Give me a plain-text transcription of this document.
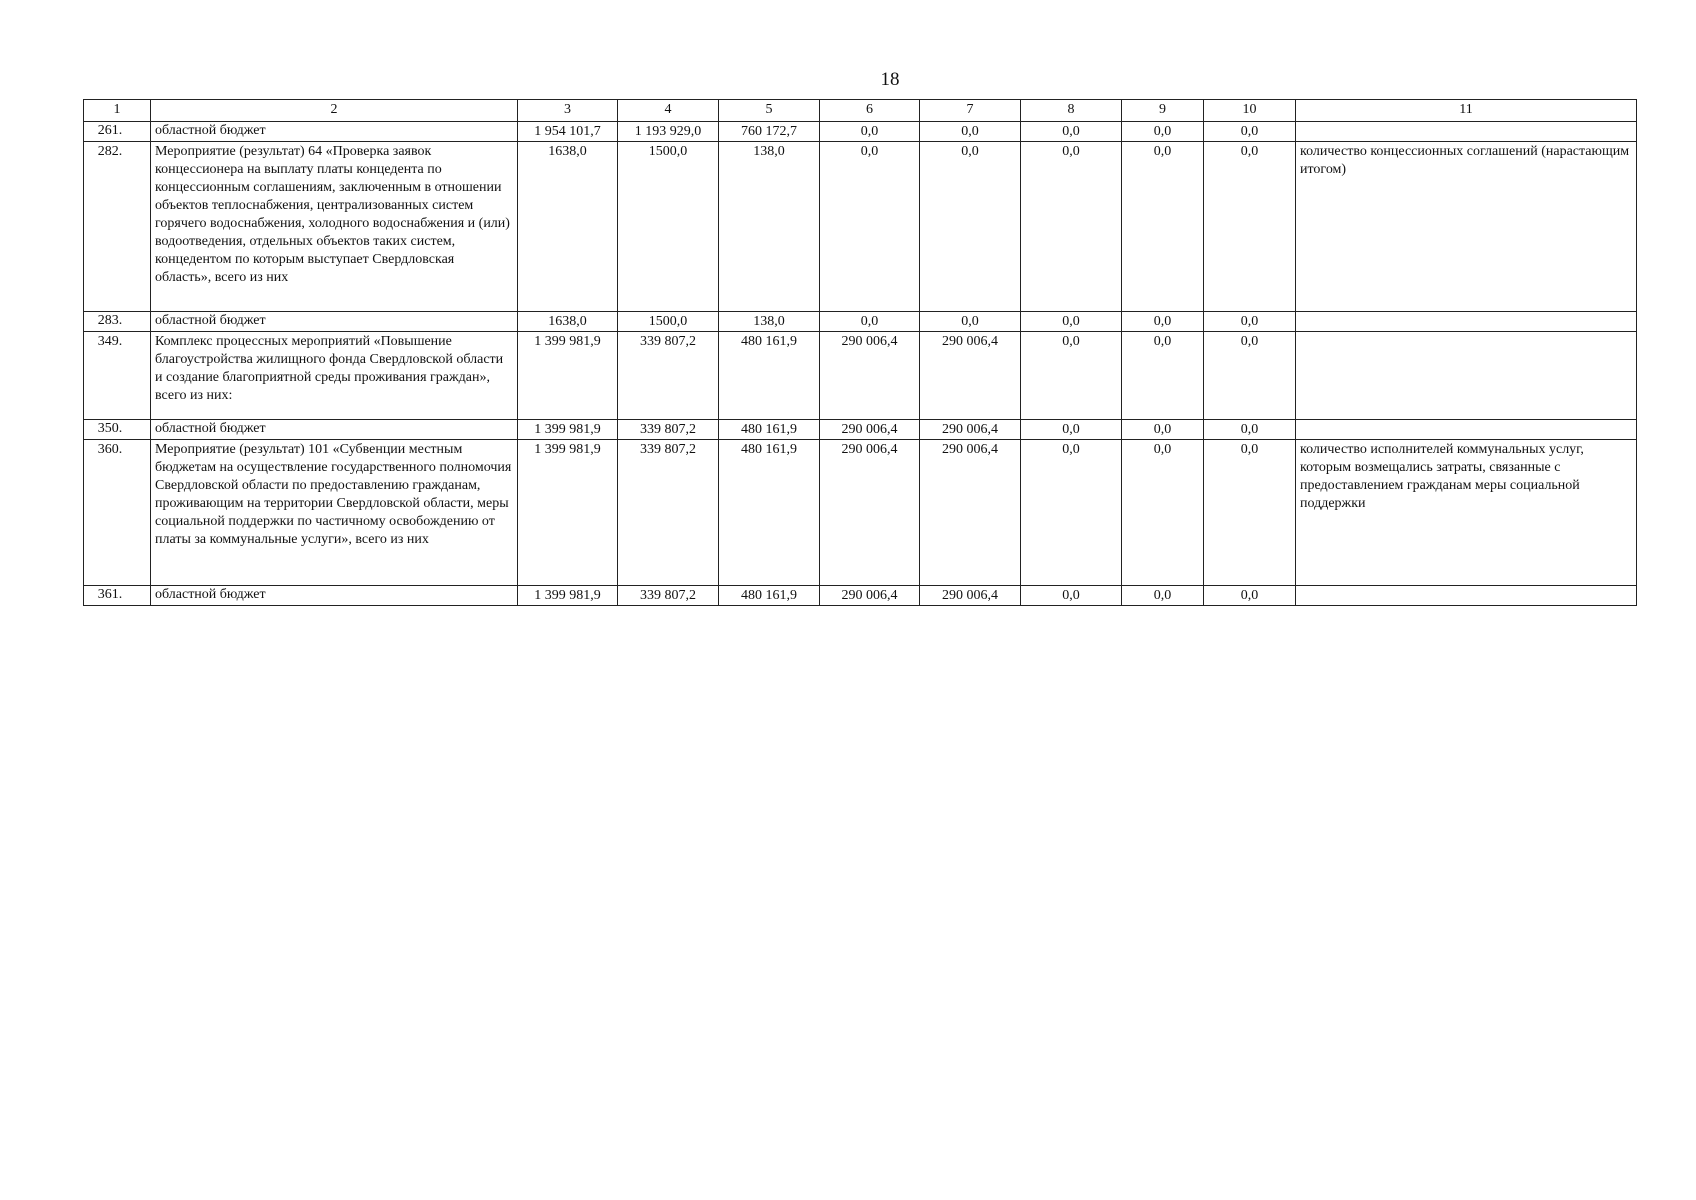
18
1	2	3	4	5	6	7	8	9	10	11
261.	областной бюджет	1 954 101,7	1 193 929,0	760 172,7	0,0	0,0	0,0	0,0	0,0	
282.	Мероприятие (результат) 64 «Проверка заявок концессионера на выплату платы концедента по концессионным соглашениям, заключенным в отношении объектов теплоснабжения, централизованных систем горячего водоснабжения, холодного водоснабжения и (или) водоотведения, отдельных объектов таких систем, концедентом по которым выступает Свердловская область», всего из них	1638,0	1500,0	138,0	0,0	0,0	0,0	0,0	0,0	количество концессионных соглашений (нарастающим итогом)
283.	областной бюджет	1638,0	1500,0	138,0	0,0	0,0	0,0	0,0	0,0	
349.	Комплекс процессных мероприятий «Повышение благоустройства жилищного фонда Свердловской области и создание благоприятной среды проживания граждан», всего из них:	1 399 981,9	339 807,2	480 161,9	290 006,4	290 006,4	0,0	0,0	0,0	
350.	областной бюджет	1 399 981,9	339 807,2	480 161,9	290 006,4	290 006,4	0,0	0,0	0,0	
360.	Мероприятие (результат) 101 «Субвенции местным бюджетам на осуществление государственного полномочия Свердловской области по предоставлению гражданам, проживающим на территории Свердловской области, меры социальной поддержки по частичному освобождению от платы за коммунальные услуги», всего из них	1 399 981,9	339 807,2	480 161,9	290 006,4	290 006,4	0,0	0,0	0,0	количество исполнителей коммунальных услуг, которым возмещались затраты, связанные с предоставлением гражданам меры социальной поддержки
361.	областной бюджет	1 399 981,9	339 807,2	480 161,9	290 006,4	290 006,4	0,0	0,0	0,0	
